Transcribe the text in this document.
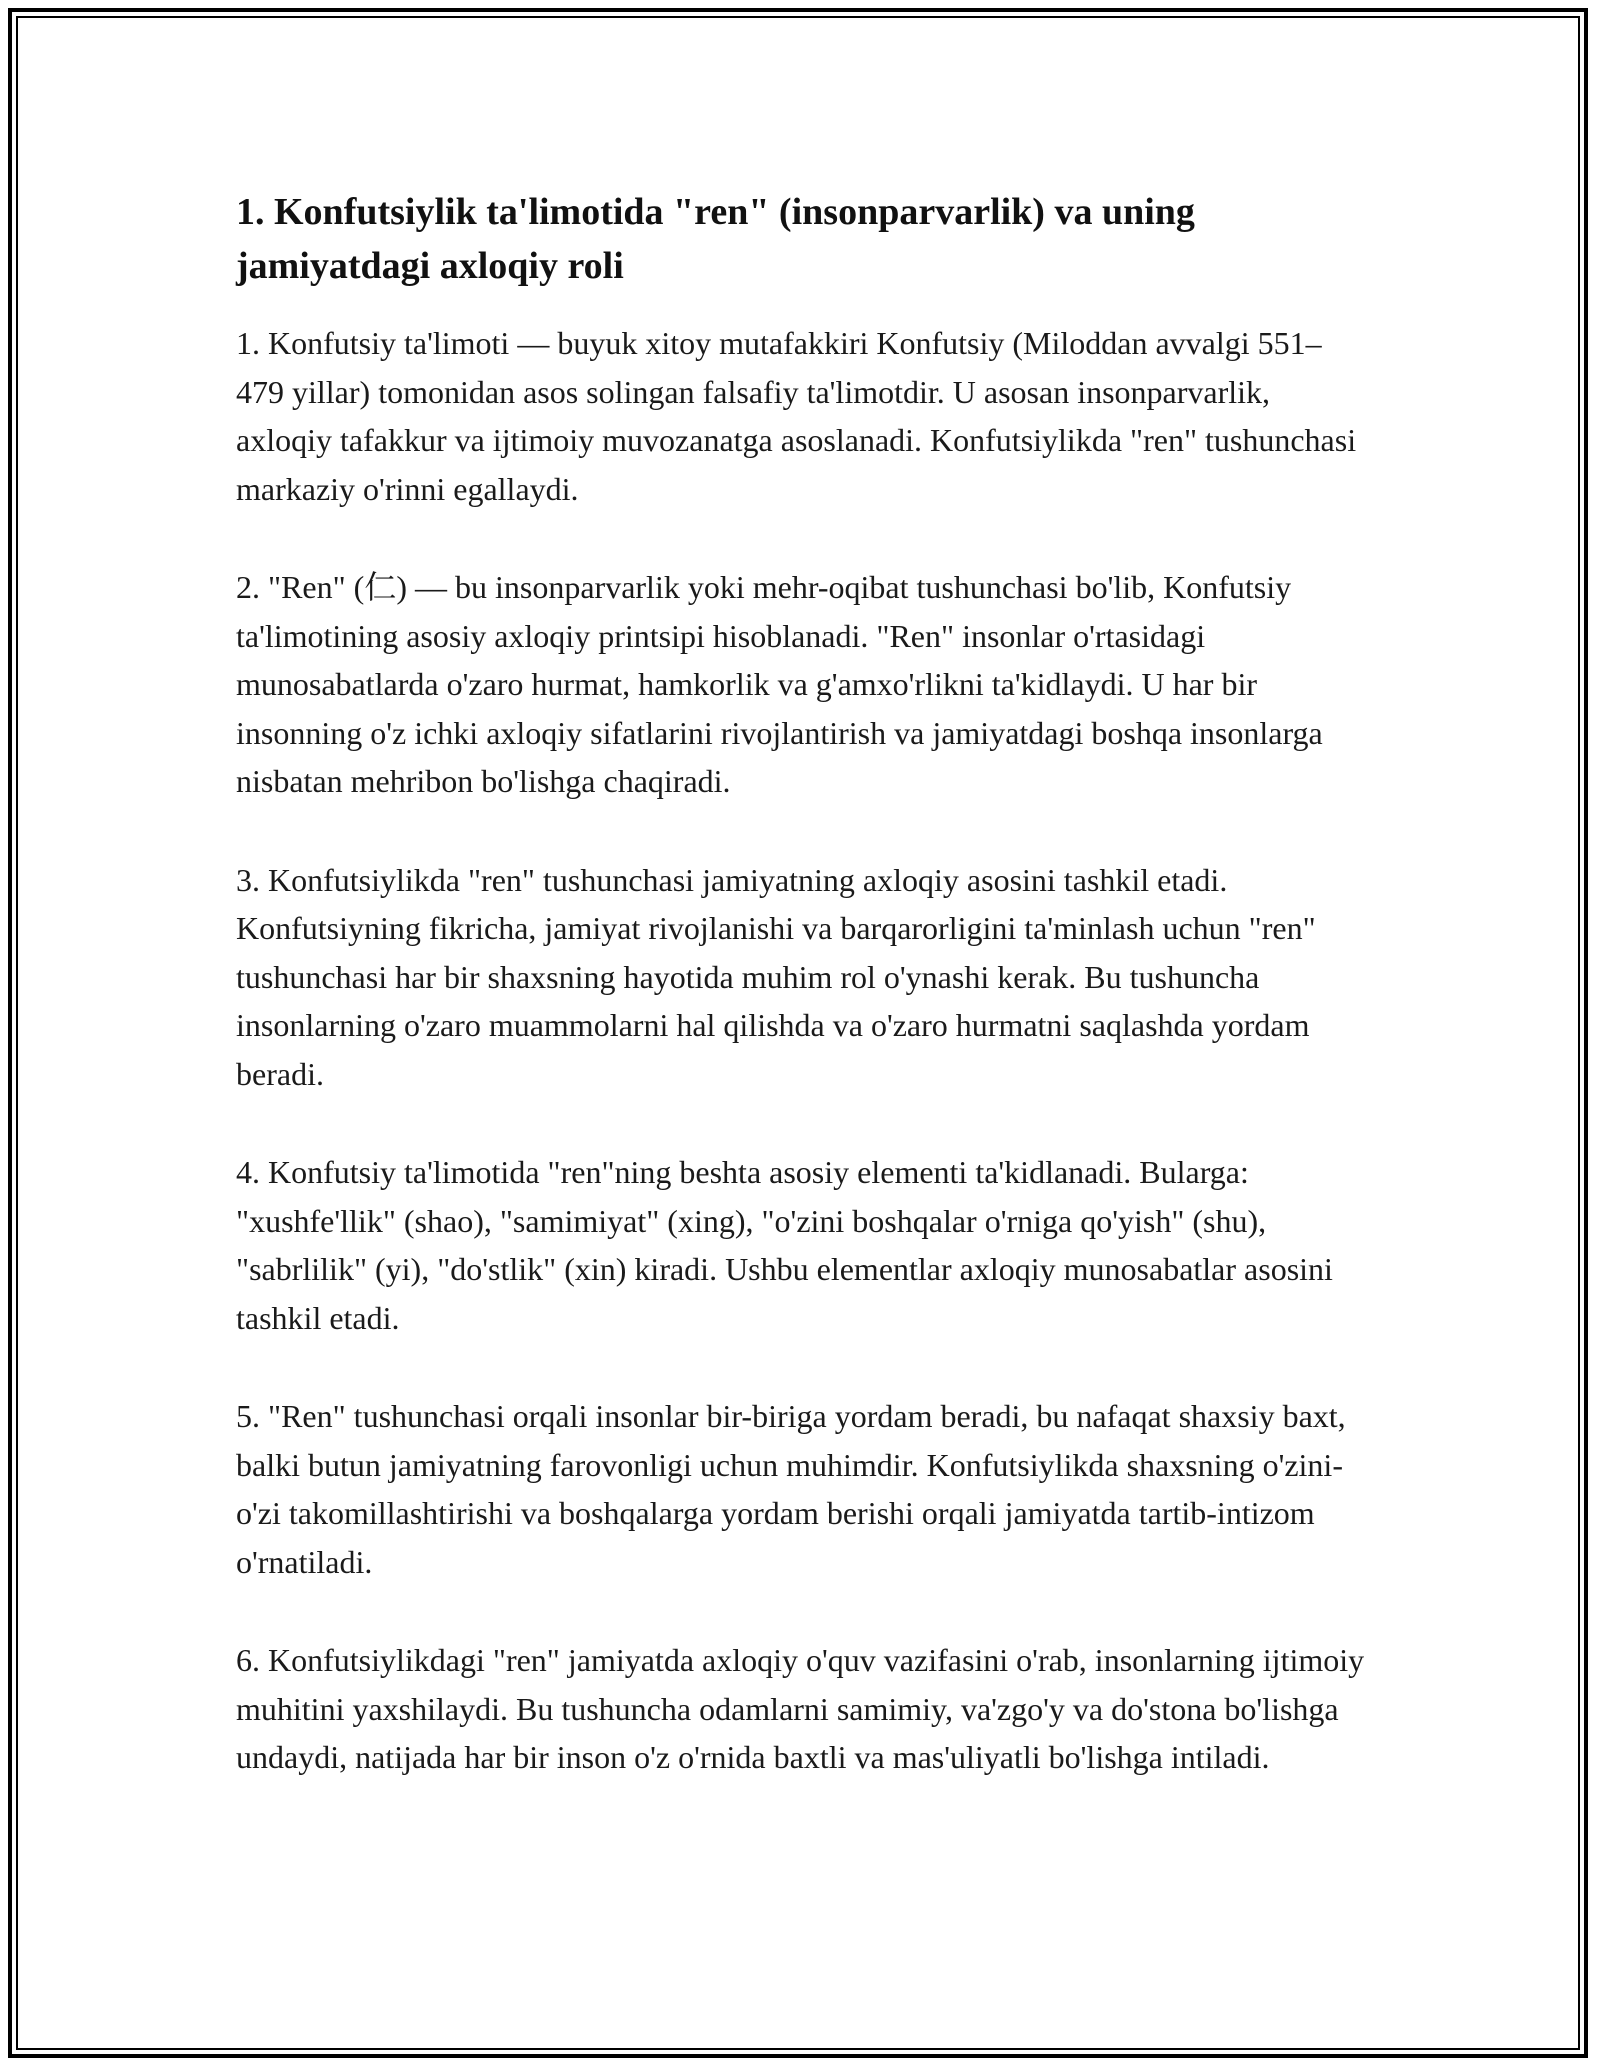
1. Konfutsiylik ta'limotida "ren" (insonparvarlik) va uning jamiyatdagi axloqiy roli

1. Konfutsiy ta'limoti — buyuk xitoy mutafakkiri Konfutsiy (Miloddan avvalgi 551–479 yillar) tomonidan asos solingan falsafiy ta'limotdir. U asosan insonparvarlik, axloqiy tafakkur va ijtimoiy muvozanatga asoslanadi. Konfutsiylikda "ren" tushunchasi markaziy o'rinni egallaydi.

2. "Ren" (仁) — bu insonparvarlik yoki mehr-oqibat tushunchasi bo'lib, Konfutsiy ta'limotining asosiy axloqiy printsipi hisoblanadi. "Ren" insonlar o'rtasidagi munosabatlarda o'zaro hurmat, hamkorlik va g'amxo'rlikni ta'kidlaydi. U har bir insonning o'z ichki axloqiy sifatlarini rivojlantirish va jamiyatdagi boshqa insonlarga nisbatan mehribon bo'lishga chaqiradi.

3. Konfutsiylikda "ren" tushunchasi jamiyatning axloqiy asosini tashkil etadi. Konfutsiyning fikricha, jamiyat rivojlanishi va barqarorligini ta'minlash uchun "ren" tushunchasi har bir shaxsning hayotida muhim rol o'ynashi kerak. Bu tushuncha insonlarning o'zaro muammolarni hal qilishda va o'zaro hurmatni saqlashda yordam beradi.

4. Konfutsiy ta'limotida "ren"ning beshta asosiy elementi ta'kidlanadi. Bularga: "xushfe'llik" (shao), "samimiyat" (xing), "o'zini boshqalar o'rniga qo'yish" (shu), "sabrlilik" (yi), "do'stlik" (xin) kiradi. Ushbu elementlar axloqiy munosabatlar asosini tashkil etadi.

5. "Ren" tushunchasi orqali insonlar bir-biriga yordam beradi, bu nafaqat shaxsiy baxt, balki butun jamiyatning farovonligi uchun muhimdir. Konfutsiylikda shaxsning o'zini-o'zi takomillashtirishi va boshqalarga yordam berishi orqali jamiyatda tartib-intizom o'rnatiladi.

6. Konfutsiylikdagi "ren" jamiyatda axloqiy o'quv vazifasini o'rab, insonlarning ijtimoiy muhitini yaxshilaydi. Bu tushuncha odamlarni samimiy, va'zgo'y va do'stona bo'lishga undaydi, natijada har bir inson o'z o'rnida baxtli va mas'uliyatli bo'lishga intiladi.
